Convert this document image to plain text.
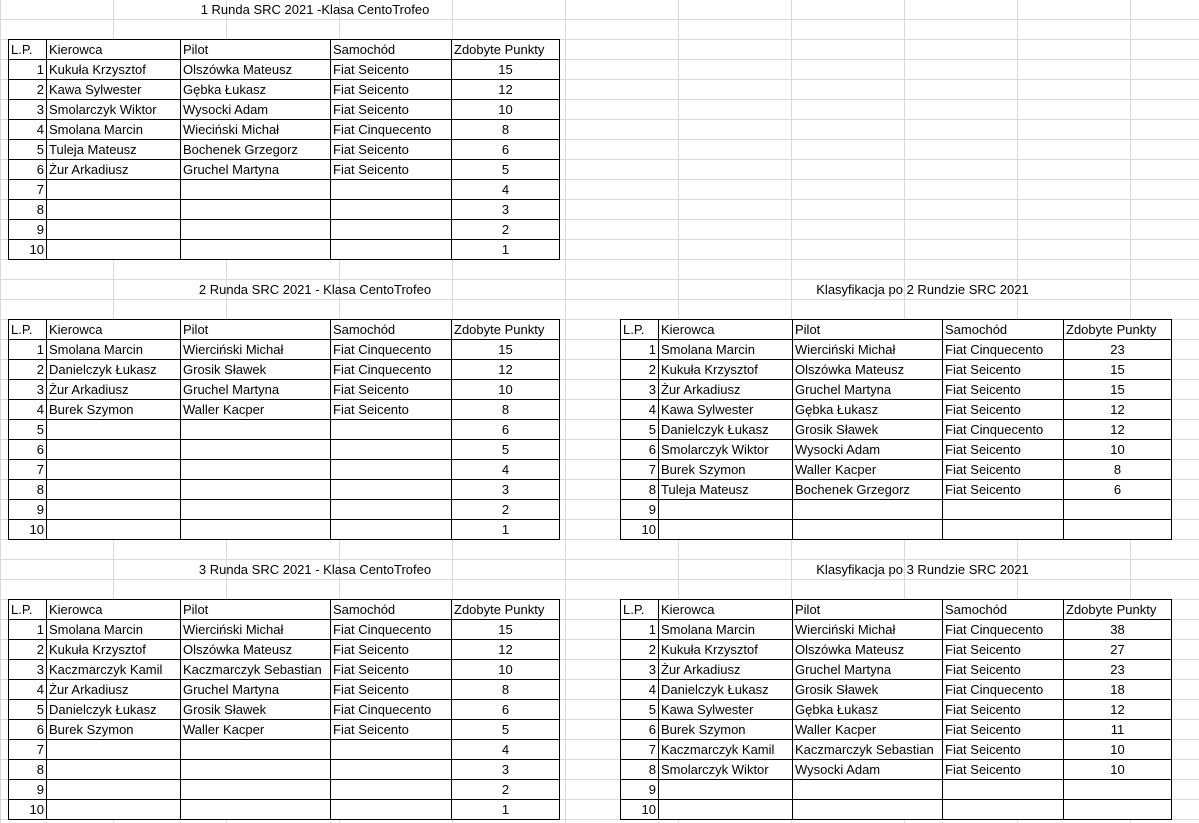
1 Runda SRC 2021 -Klasa CentoTrofeo
L.P.	Kierowca	Pilot	Samochód	Zdobyte Punkty
1	Kukuła Krzysztof	Olszówka Mateusz	Fiat Seicento	15
2	Kawa Sylwester	Gębka Łukasz	Fiat Seicento	12
3	Smolarczyk Wiktor	Wysocki Adam	Fiat Seicento	10
4	Smolana Marcin	Wieciński Michał	Fiat Cinquecento	8
5	Tuleja Mateusz	Bochenek Grzegorz	Fiat Seicento	6
6	Żur Arkadiusz	Gruchel Martyna	Fiat Seicento	5
7				4
8				3
9				2
10				1
2 Runda SRC 2021 - Klasa CentoTrofeo
L.P.	Kierowca	Pilot	Samochód	Zdobyte Punkty
1	Smolana Marcin	Wierciński Michał	Fiat Cinquecento	15
2	Danielczyk Łukasz	Grosik Sławek	Fiat Cinquecento	12
3	Żur Arkadiusz	Gruchel Martyna	Fiat Seicento	10
4	Burek Szymon	Waller Kacper	Fiat Seicento	8
5				6
6				5
7				4
8				3
9				2
10				1
Klasyfikacja po 2 Rundzie SRC 2021
L.P.	Kierowca	Pilot	Samochód	Zdobyte Punkty
1	Smolana Marcin	Wierciński Michał	Fiat Cinquecento	23
2	Kukuła Krzysztof	Olszówka Mateusz	Fiat Seicento	15
3	Żur Arkadiusz	Gruchel Martyna	Fiat Seicento	15
4	Kawa Sylwester	Gębka Łukasz	Fiat Seicento	12
5	Danielczyk Łukasz	Grosik Sławek	Fiat Cinquecento	12
6	Smolarczyk Wiktor	Wysocki Adam	Fiat Seicento	10
7	Burek Szymon	Waller Kacper	Fiat Seicento	8
8	Tuleja Mateusz	Bochenek Grzegorz	Fiat Seicento	6
9				
10				
3 Runda SRC 2021 - Klasa CentoTrofeo
L.P.	Kierowca	Pilot	Samochód	Zdobyte Punkty
1	Smolana Marcin	Wierciński Michał	Fiat Cinquecento	15
2	Kukuła Krzysztof	Olszówka Mateusz	Fiat Seicento	12
3	Kaczmarczyk Kamil	Kaczmarczyk Sebastian	Fiat Seicento	10
4	Żur Arkadiusz	Gruchel Martyna	Fiat Seicento	8
5	Danielczyk Łukasz	Grosik Sławek	Fiat Cinquecento	6
6	Burek Szymon	Waller Kacper	Fiat Seicento	5
7				4
8				3
9				2
10				1
Klasyfikacja po 3 Rundzie SRC 2021
L.P.	Kierowca	Pilot	Samochód	Zdobyte Punkty
1	Smolana Marcin	Wierciński Michał	Fiat Cinquecento	38
2	Kukuła Krzysztof	Olszówka Mateusz	Fiat Seicento	27
3	Żur Arkadiusz	Gruchel Martyna	Fiat Seicento	23
4	Danielczyk Łukasz	Grosik Sławek	Fiat Cinquecento	18
5	Kawa Sylwester	Gębka Łukasz	Fiat Seicento	12
6	Burek Szymon	Waller Kacper	Fiat Seicento	11
7	Kaczmarczyk Kamil	Kaczmarczyk Sebastian	Fiat Seicento	10
8	Smolarczyk Wiktor	Wysocki Adam	Fiat Seicento	10
9				
10				
